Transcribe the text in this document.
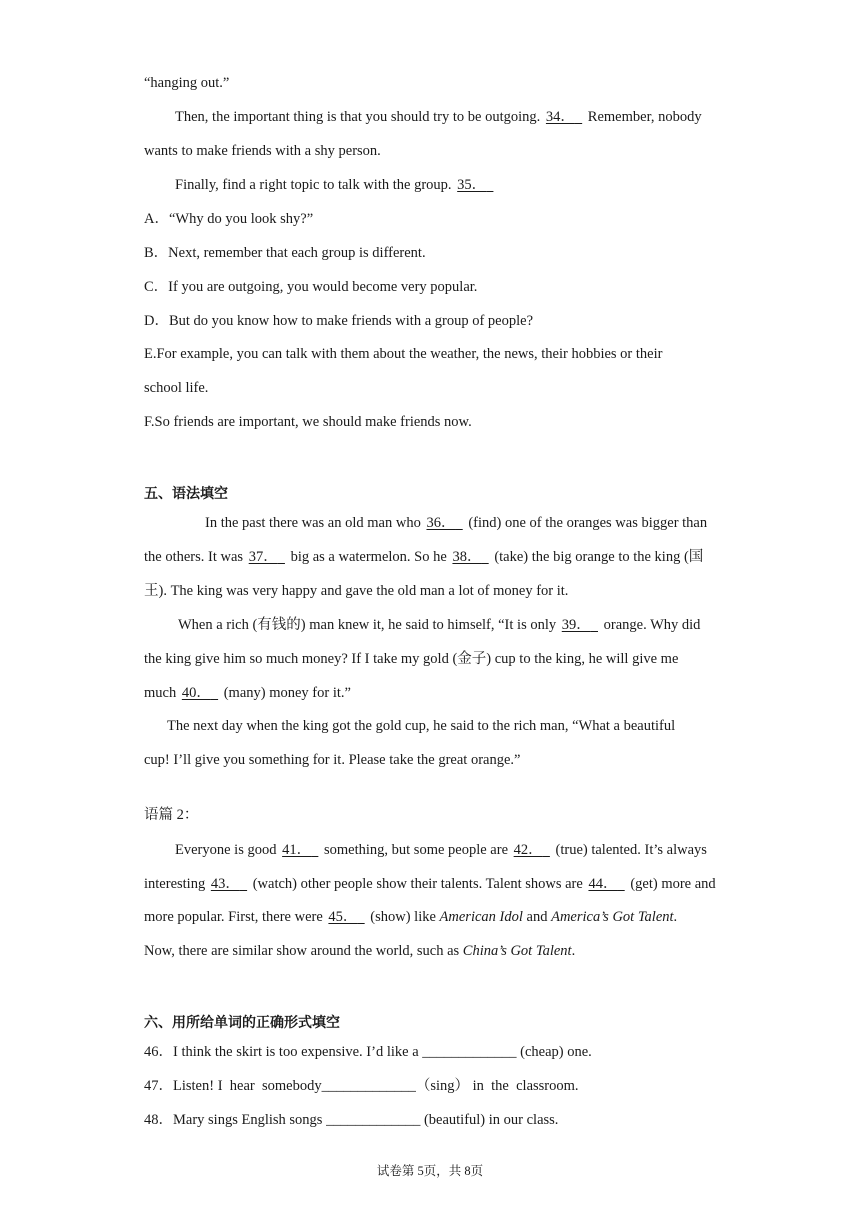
“hanging out.”
Then, the important thing is that you should try to be outgoing. 34． Remember, nobody
wants to make friends with a shy person.
Finally, find a right topic to talk with the group. 35．
A．“Why do you look shy?”
B．Next, remember that each group is different.
C．If you are outgoing, you would become very popular.
D．But do you know how to make friends with a group of people?
E.For example, you can talk with them about the weather, the news, their hobbies or their
school life.
F.So friends are important, we should make friends now.
五、语法填空
In the past there was an old man who 36． (find) one of the oranges was bigger than
the others. It was 37． big as a watermelon. So he 38． (take) the big orange to the king (国
王). The king was very happy and gave the old man a lot of money for it.
When a rich (有钱的) man knew it, he said to himself, “It is only 39． orange. Why did
the king give him so much money? If I take my gold (金子) cup to the king, he will give me
much 40． (many) money for it.”
The next day when the king got the gold cup, he said to the rich man, “What a beautiful
cup! I’ll give you something for it. Please take the great orange.”
语篇 2：
Everyone is good 41． something, but some people are 42． (true) talented. It’s always
interesting 43． (watch) other people show their talents. Talent shows are 44． (get) more and
more popular. First, there were 45． (show) like American Idol and America’s Got Talent.
Now, there are similar show around the world, such as China’s Got Talent.
六、用所给单词的正确形式填空
46．I think the skirt is too expensive. I’d like a _____________ (cheap) one.
47．Listen! I  hear  somebody_____________（sing） in  the  classroom.
48．Mary sings English songs _____________ (beautiful) in our class.
试卷第 5页，共 8页
